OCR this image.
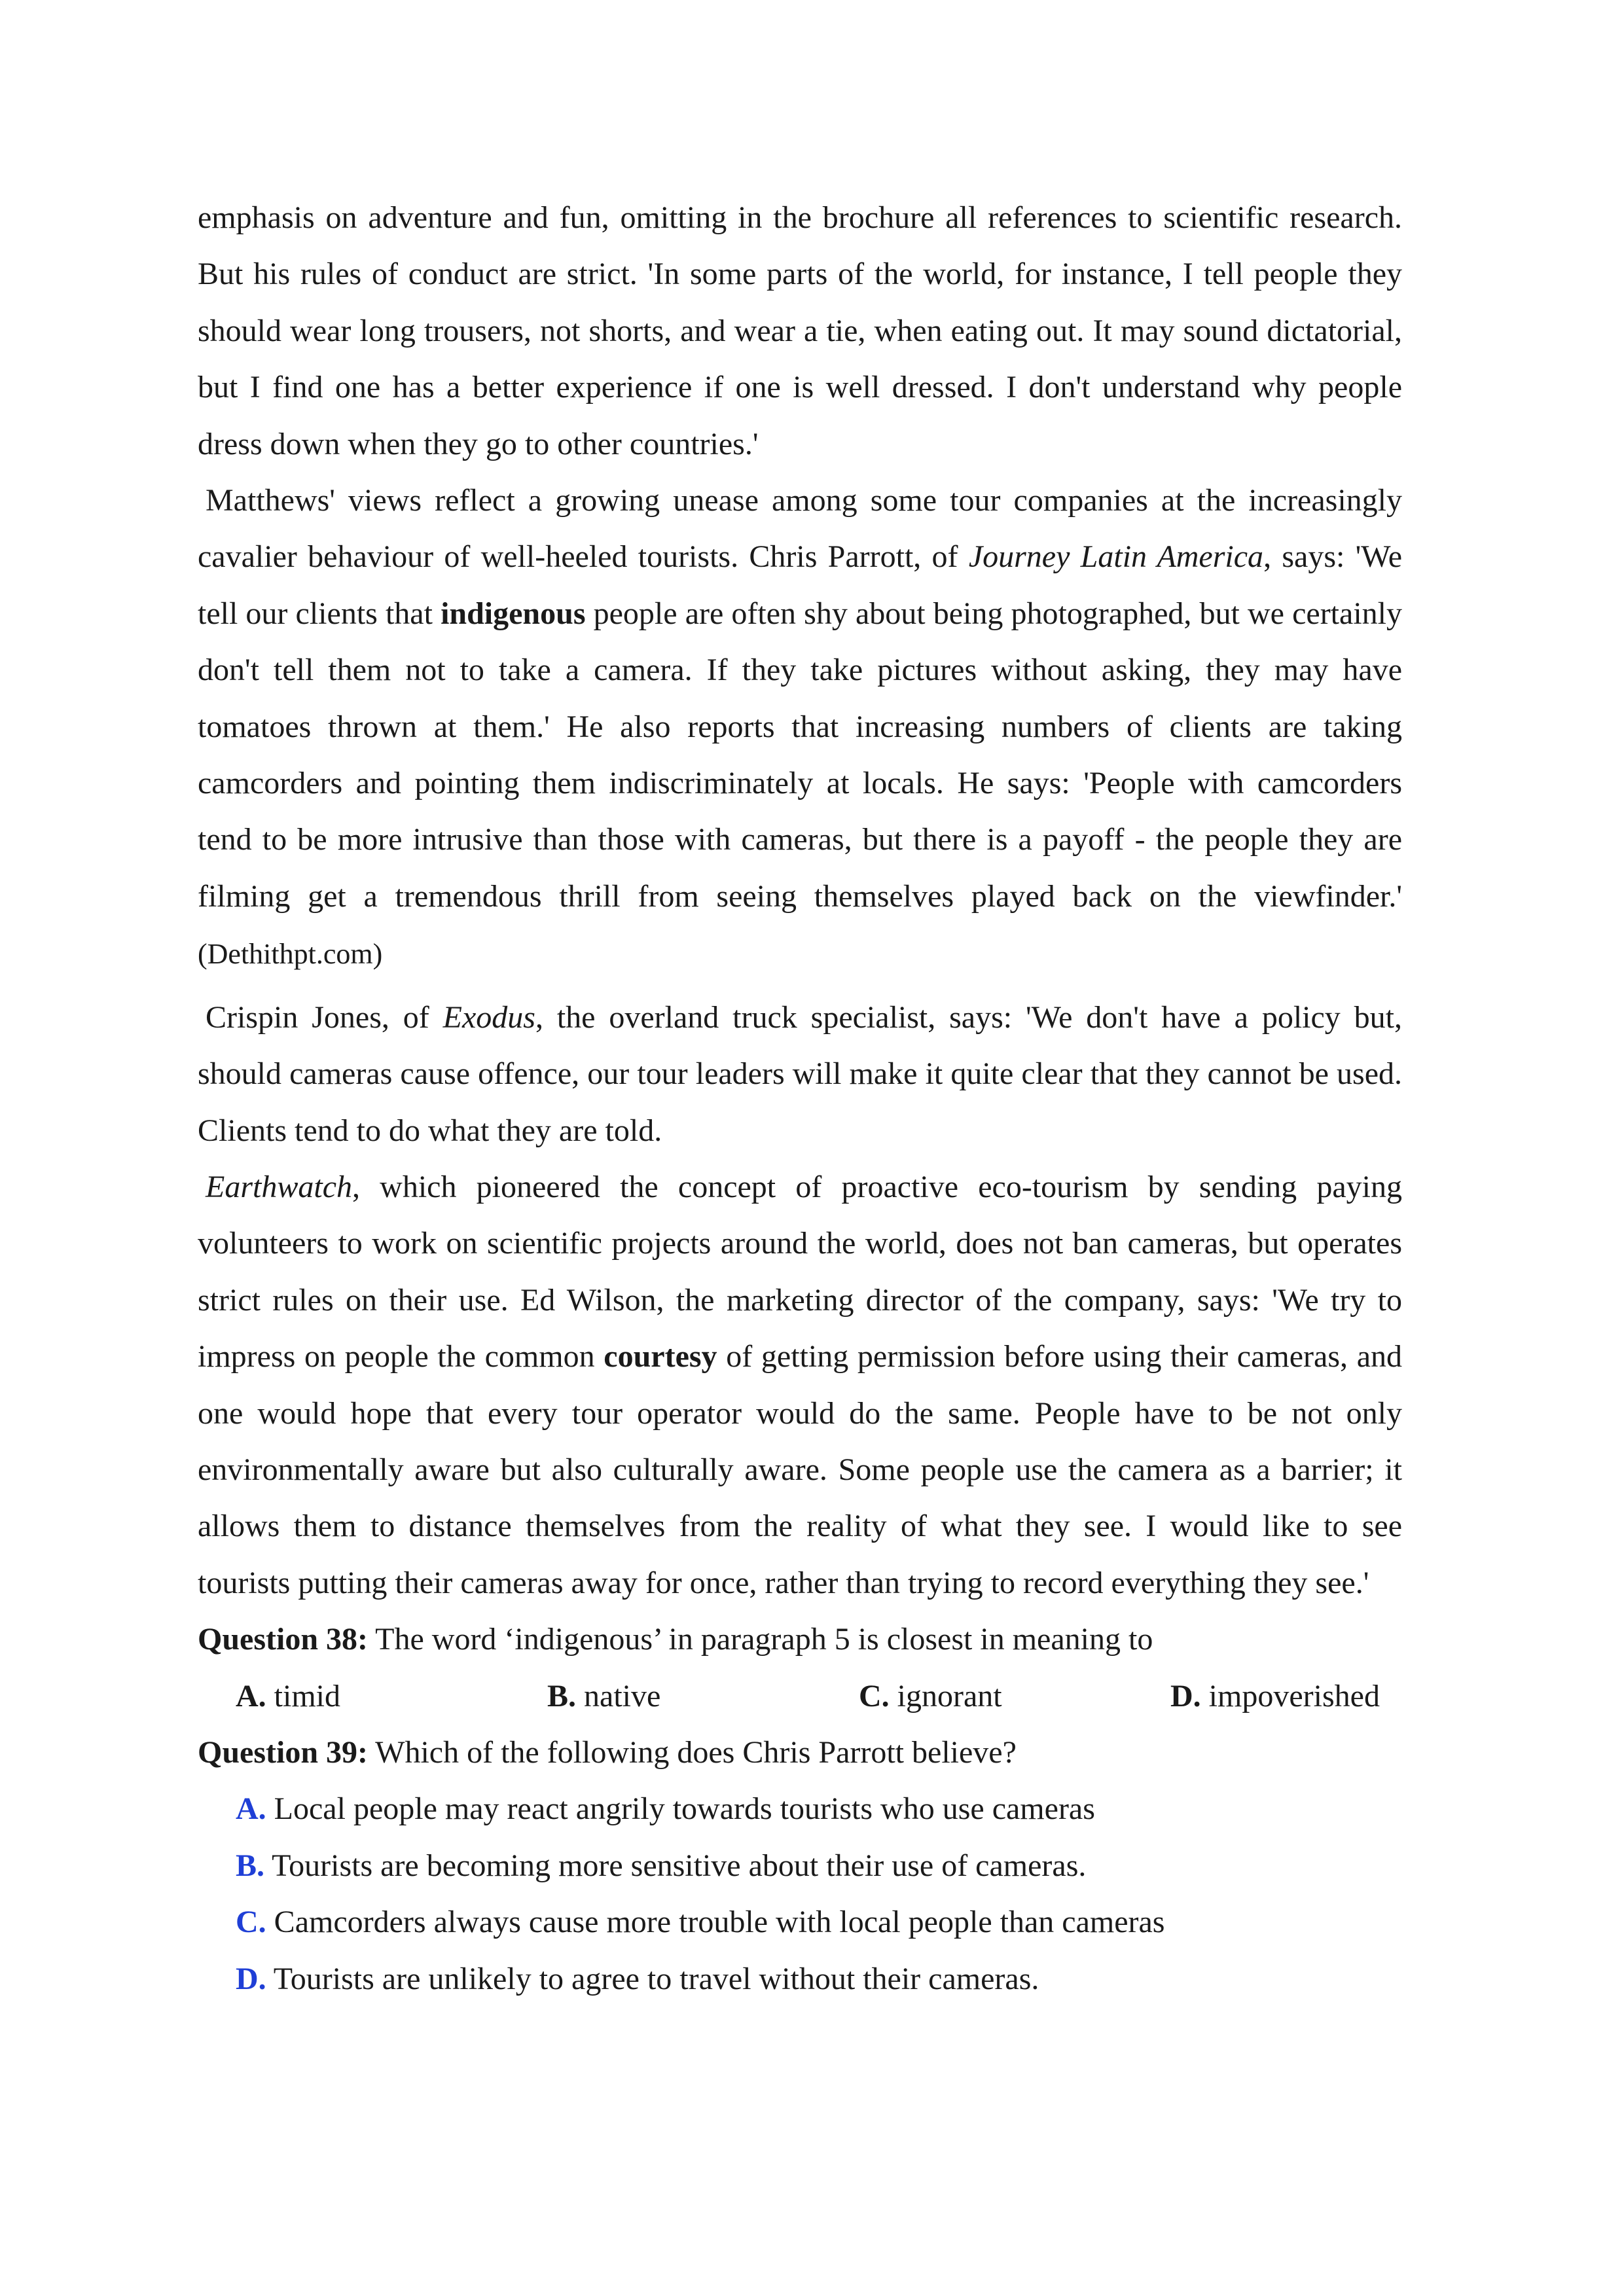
emphasis on adventure and fun, omitting in the brochure all references to scientific research. But his rules of conduct are strict. 'In some parts of the world, for instance, I tell people they should wear long trousers, not shorts, and wear a tie, when eating out. It may sound dictatorial, but I find one has a better experience if one is well dressed. I don't understand why people dress down when they go to other countries.'

Matthews' views reflect a growing unease among some tour companies at the increasingly cavalier behaviour of well-heeled tourists. Chris Parrott, of Journey Latin America, says: 'We tell our clients that indigenous people are often shy about being photographed, but we certainly don't tell them not to take a camera. If they take pictures without asking, they may have tomatoes thrown at them.' He also reports that increasing numbers of clients are taking camcorders and pointing them indiscriminately at locals. He says: 'People with camcorders tend to be more intrusive than those with cameras, but there is a payoff - the people they are filming get a tremendous thrill from seeing themselves played back on the viewfinder.' (Dethithpt.com)

Crispin Jones, of Exodus, the overland truck specialist, says: 'We don't have a policy but, should cameras cause offence, our tour leaders will make it quite clear that they cannot be used. Clients tend to do what they are told.

Earthwatch, which pioneered the concept of proactive eco-tourism by sending paying volunteers to work on scientific projects around the world, does not ban cameras, but operates strict rules on their use. Ed Wilson, the marketing director of the company, says: 'We try to impress on people the common courtesy of getting permission before using their cameras, and one would hope that every tour operator would do the same. People have to be not only environmentally aware but also culturally aware. Some people use the camera as a barrier; it allows them to distance themselves from the reality of what they see. I would like to see tourists putting their cameras away for once, rather than trying to record everything they see.'

Question 38: The word ‘indigenous’ in paragraph 5 is closest in meaning to

A. timid	B. native	C. ignorant	D. impoverished

Question 39: Which of the following does Chris Parrott believe?

A. Local people may react angrily towards tourists who use cameras

B. Tourists are becoming more sensitive about their use of cameras.

C. Camcorders always cause more trouble with local people than cameras

D. Tourists are unlikely to agree to travel without their cameras.
